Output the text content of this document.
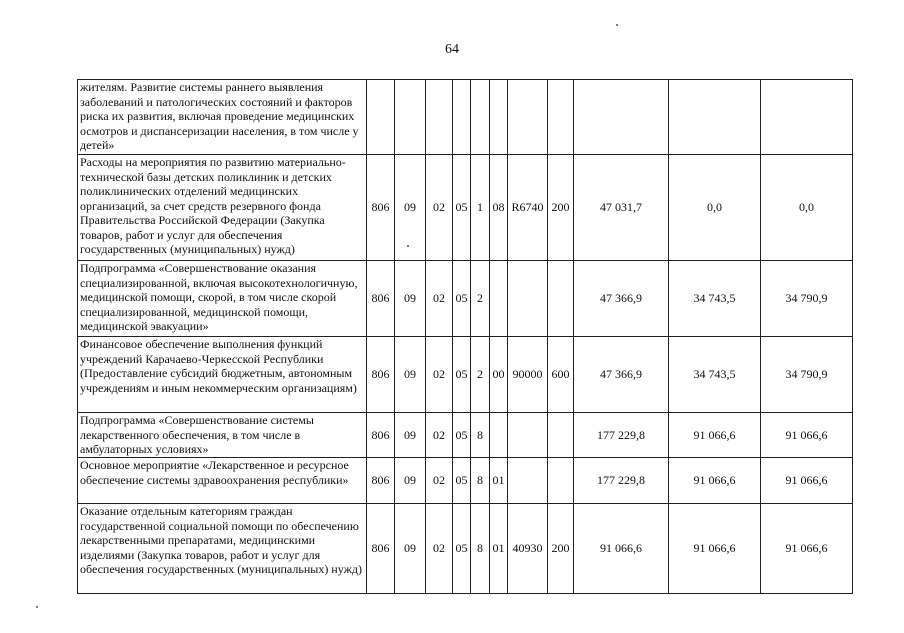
64
жителям. Развитие системы раннего выявления заболеваний и патологических состояний и факторов риска их развития, включая проведение медицинских осмотров и диспансеризации населения, в том числе у детей»											
Расходы на мероприятия по развитию материально-технической базы детских поликлиник и детских поликлинических отделений медицинских организаций, за счет средств резервного фонда Правительства Российской Федерации (Закупка товаров, работ и услуг для обеспечения государственных (муниципальных) нужд)	806	09	02	05	1	08	R6740	200	47 031,7	0,0	0,0
Подпрограмма «Совершенствование оказания специализированной, включая высокотехнологичную, медицинской помощи, скорой, в том числе скорой специализированной, медицинской помощи, медицинской эвакуации»	806	09	02	05	2				47 366,9	34 743,5	34 790,9
Финансовое обеспечение выполнения функций учреждений Карачаево-Черкесской Республики (Предоставление субсидий бюджетным, автономным учреждениям и иным некоммерческим организациям)	806	09	02	05	2	00	90000	600	47 366,9	34 743,5	34 790,9
Подпрограмма «Совершенствование системы лекарственного обеспечения, в том числе в амбулаторных условиях»	806	09	02	05	8				177 229,8	91 066,6	91 066,6
Основное мероприятие «Лекарственное и ресурсное обеспечение системы здравоохранения республики»	806	09	02	05	8	01			177 229,8	91 066,6	91 066,6
Оказание отдельным категориям граждан государственной социальной помощи по обеспечению лекарственными препаратами, медицинскими изделиями (Закупка товаров, работ и услуг для обеспечения государственных (муниципальных) нужд)	806	09	02	05	8	01	40930	200	91 066,6	91 066,6	91 066,6
